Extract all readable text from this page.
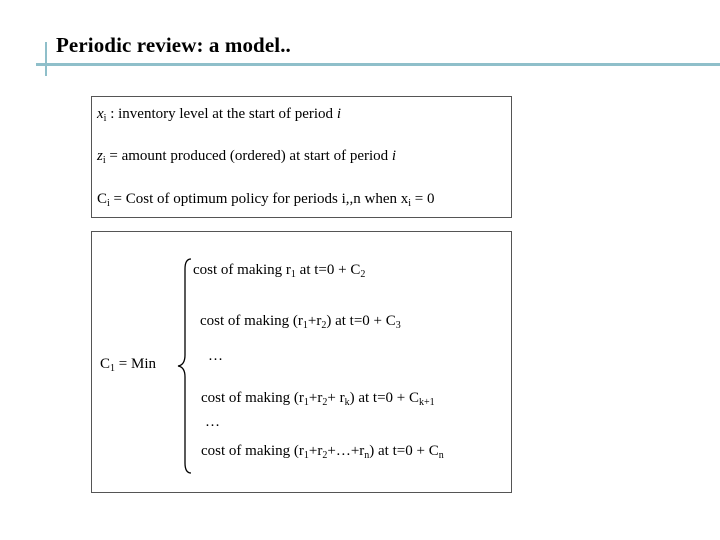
Periodic review: a model..
$x_i$ : inventory level at the start of period i
$z_i$ = amount produced (ordered) at start of period i
$C_i$ = Cost of optimum policy for periods i,,n when $x_i = 0$
$C_1$ = Min
cost of making $r_1$ at $t=0 + C_2$
cost of making $(r_1+r_2)$ at $t=0 + C_3$
…
cost of making $(r_1+r_2+ r_k)$ at $t=0 + C_{k+1}$
…
cost of making $(r_1+r_2+\dots+r_n)$ at $t=0 + C_n$
